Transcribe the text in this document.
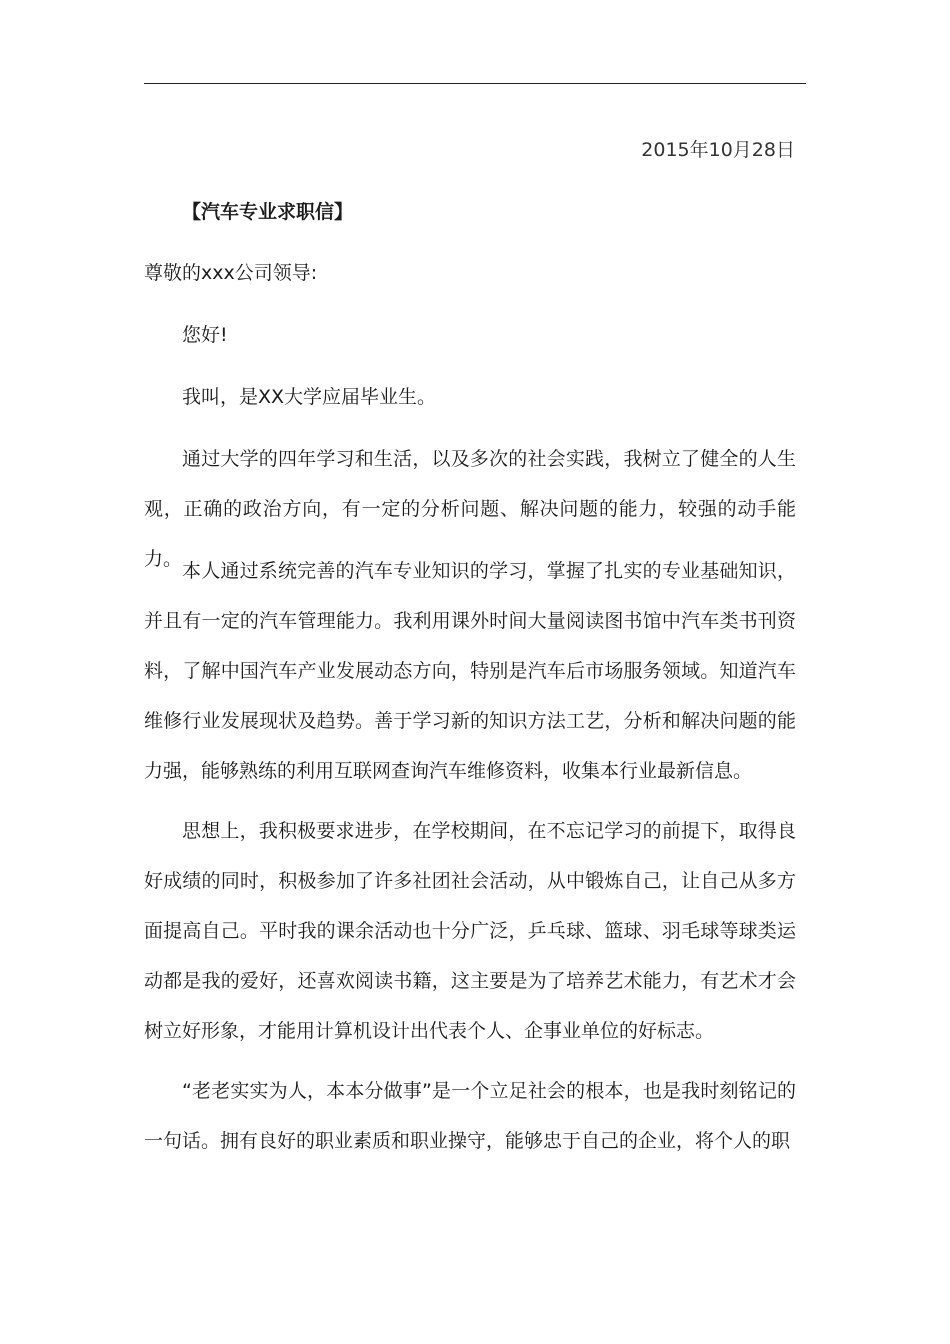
2015年10月28日
【汽车专业求职信】

尊敬的xxx公司领导:

您好!

我叫，是XX大学应届毕业生。

通过大学的四年学习和生活，以及多次的社会实践，我树立了健全的人生观，正确的政治方向，有一定的分析问题、解决问题的能力，较强的动手能力。

本人通过系统完善的汽车专业知识的学习，掌握了扎实的专业基础知识，并且有一定的汽车管理能力。我利用课外时间大量阅读图书馆中汽车类书刊资料，了解中国汽车产业发展动态方向，特别是汽车后市场服务领域。知道汽车维修行业发展现状及趋势。善于学习新的知识方法工艺，分析和解决问题的能力强，能够熟练的利用互联网查询汽车维修资料，收集本行业最新信息。

思想上，我积极要求进步，在学校期间，在不忘记学习的前提下，取得良好成绩的同时，积极参加了许多社团社会活动，从中锻炼自己，让自己从多方面提高自己。平时我的课余活动也十分广泛，乒乓球、篮球、羽毛球等球类运动都是我的爱好，还喜欢阅读书籍，这主要是为了培养艺术能力，有艺术才会树立好形象，才能用计算机设计出代表个人、企事业单位的好标志。

“老老实实为人，本本分做事”是一个立足社会的根本，也是我时刻铭记的一句话。拥有良好的职业素质和职业操守，能够忠于自己的企业，将个人的职
